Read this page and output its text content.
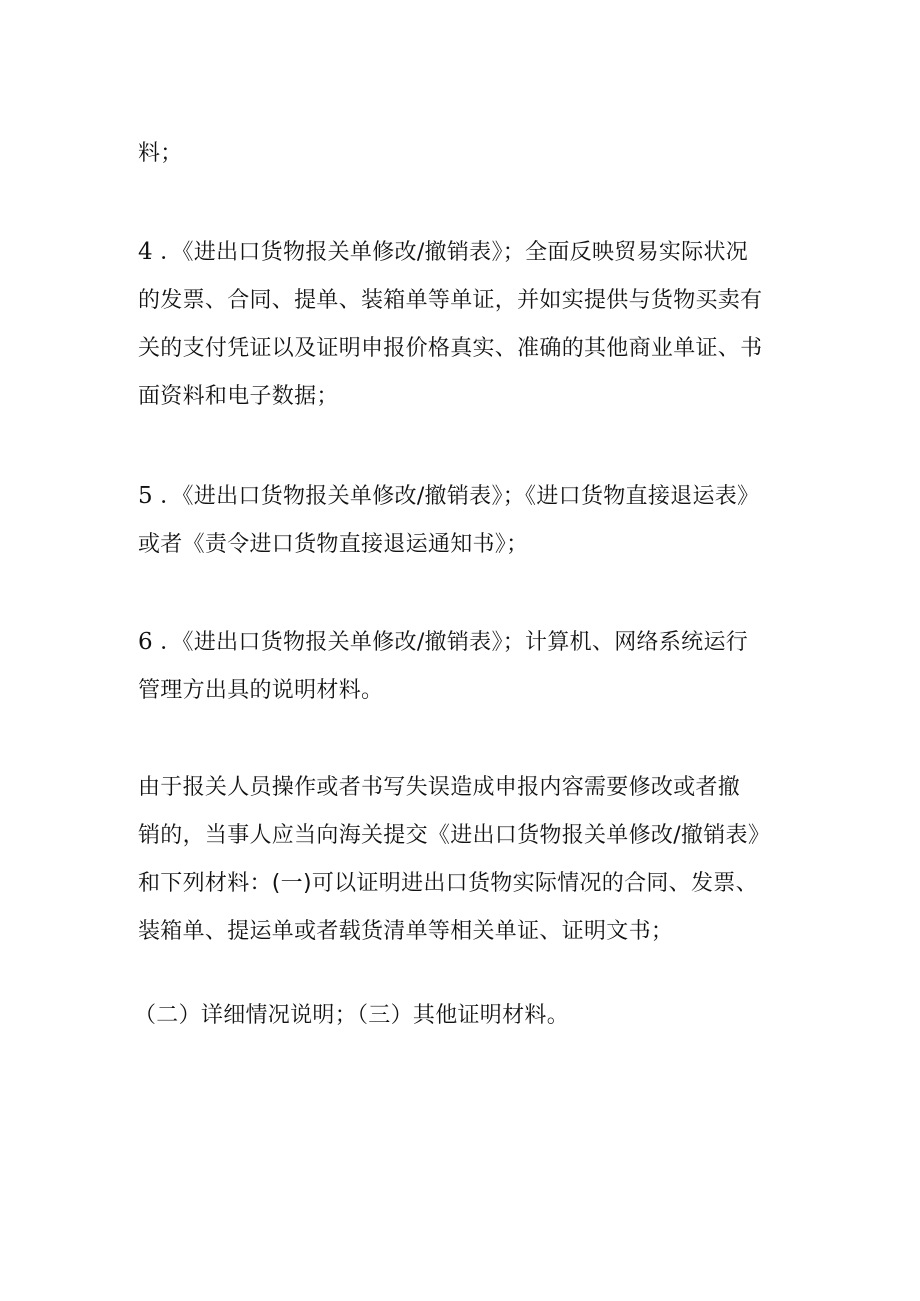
料；
4 ．《进出口货物报关单修改/撤销表》；全面反映贸易实际状况
的发票、合同、提单、装箱单等单证，并如实提供与货物买卖有
关的支付凭证以及证明申报价格真实、准确的其他商业单证、书
面资料和电子数据；
5 ．《进出口货物报关单修改/撤销表》；《进口货物直接退运表》
或者《责令进口货物直接退运通知书》；
6 ．《进出口货物报关单修改/撤销表》；计算机、网络系统运行
管理方出具的说明材料。
由于报关人员操作或者书写失误造成申报内容需要修改或者撤
销的，当事人应当向海关提交《进出口货物报关单修改/撤销表》
和下列材料：(一)可以证明进出口货物实际情况的合同、发票、
装箱单、提运单或者载货清单等相关单证、证明文书；
（二）详细情况说明；（三）其他证明材料。
